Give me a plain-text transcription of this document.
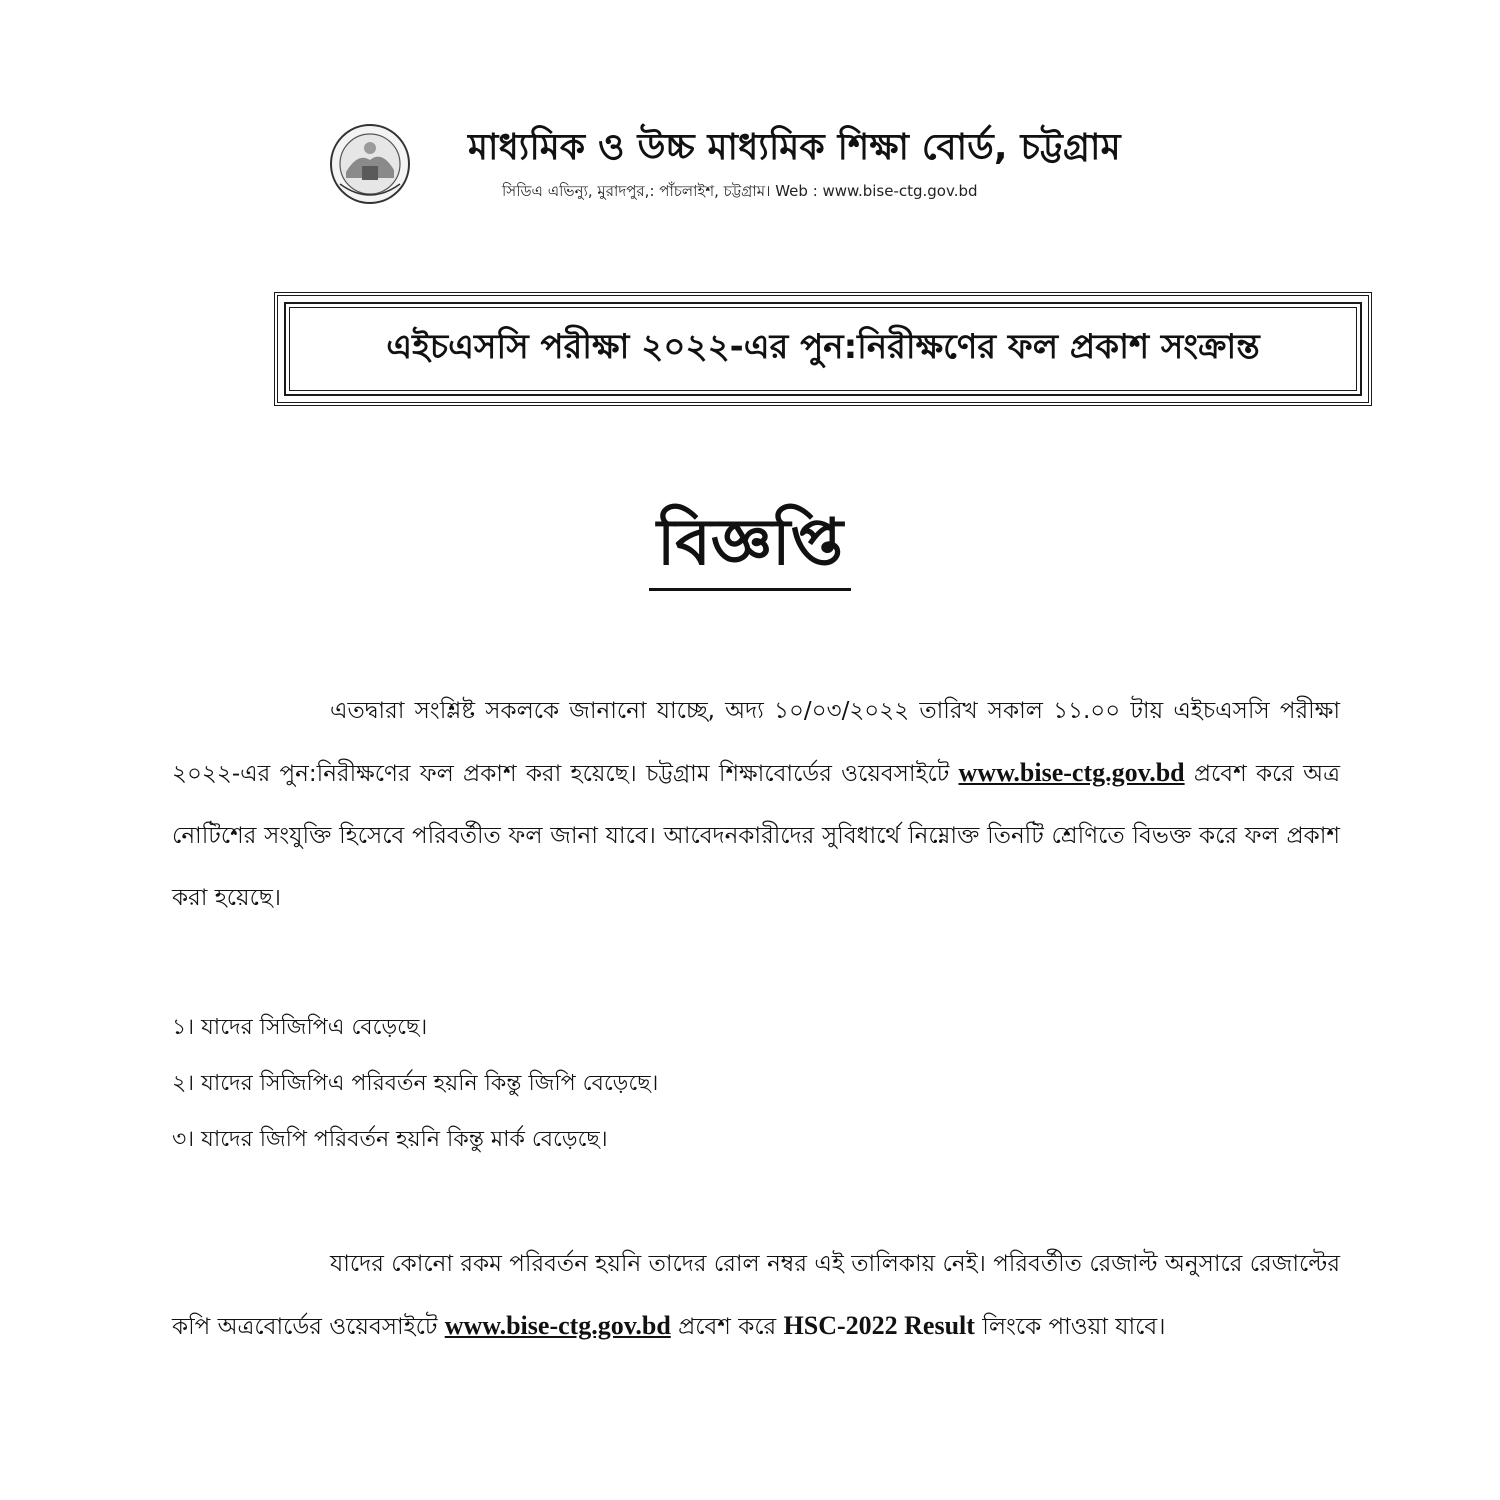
মাধ্যমিক ও উচ্চ মাধ্যমিক শিক্ষা বোর্ড, চট্টগ্রাম
সিডিএ এভিন্যু, মুরাদপুর,: পাঁচলাইশ, চট্টগ্রাম। Web : www.bise-ctg.gov.bd
এইচএসসি পরীক্ষা ২০২২-এর পুন:নিরীক্ষণের ফল প্রকাশ সংক্রান্ত
বিজ্ঞপ্তি
এতদ্বারা সংশ্লিষ্ট সকলকে জানানো যাচ্ছে, অদ্য ১০/০৩/২০২২ তারিখ সকাল ১১.০০ টায় এইচএসসি পরীক্ষা ২০২২-এর পুন:নিরীক্ষণের ফল প্রকাশ করা হয়েছে। চট্টগ্রাম শিক্ষাবোর্ডের ওয়েবসাইটে www.bise-ctg.gov.bd প্রবেশ করে অত্র নোটিশের সংযুক্তি হিসেবে পরিবর্তীত ফল জানা যাবে। আবেদনকারীদের সুবিধার্থে নিম্নোক্ত তিনটি শ্রেণিতে বিভক্ত করে ফল প্রকাশ করা হয়েছে।
১। যাদের সিজিপিএ বেড়েছে।
২। যাদের সিজিপিএ পরিবর্তন হয়নি কিন্তু জিপি বেড়েছে।
৩। যাদের জিপি পরিবর্তন হয়নি কিন্তু মার্ক বেড়েছে।
যাদের কোনো রকম পরিবর্তন হয়নি তাদের রোল নম্বর এই তালিকায় নেই। পরিবর্তীত রেজাল্ট অনুসারে রেজাল্টের কপি অত্রবোর্ডের ওয়েবসাইটে www.bise-ctg.gov.bd প্রবেশ করে HSC-2022 Result লিংকে পাওয়া যাবে।
